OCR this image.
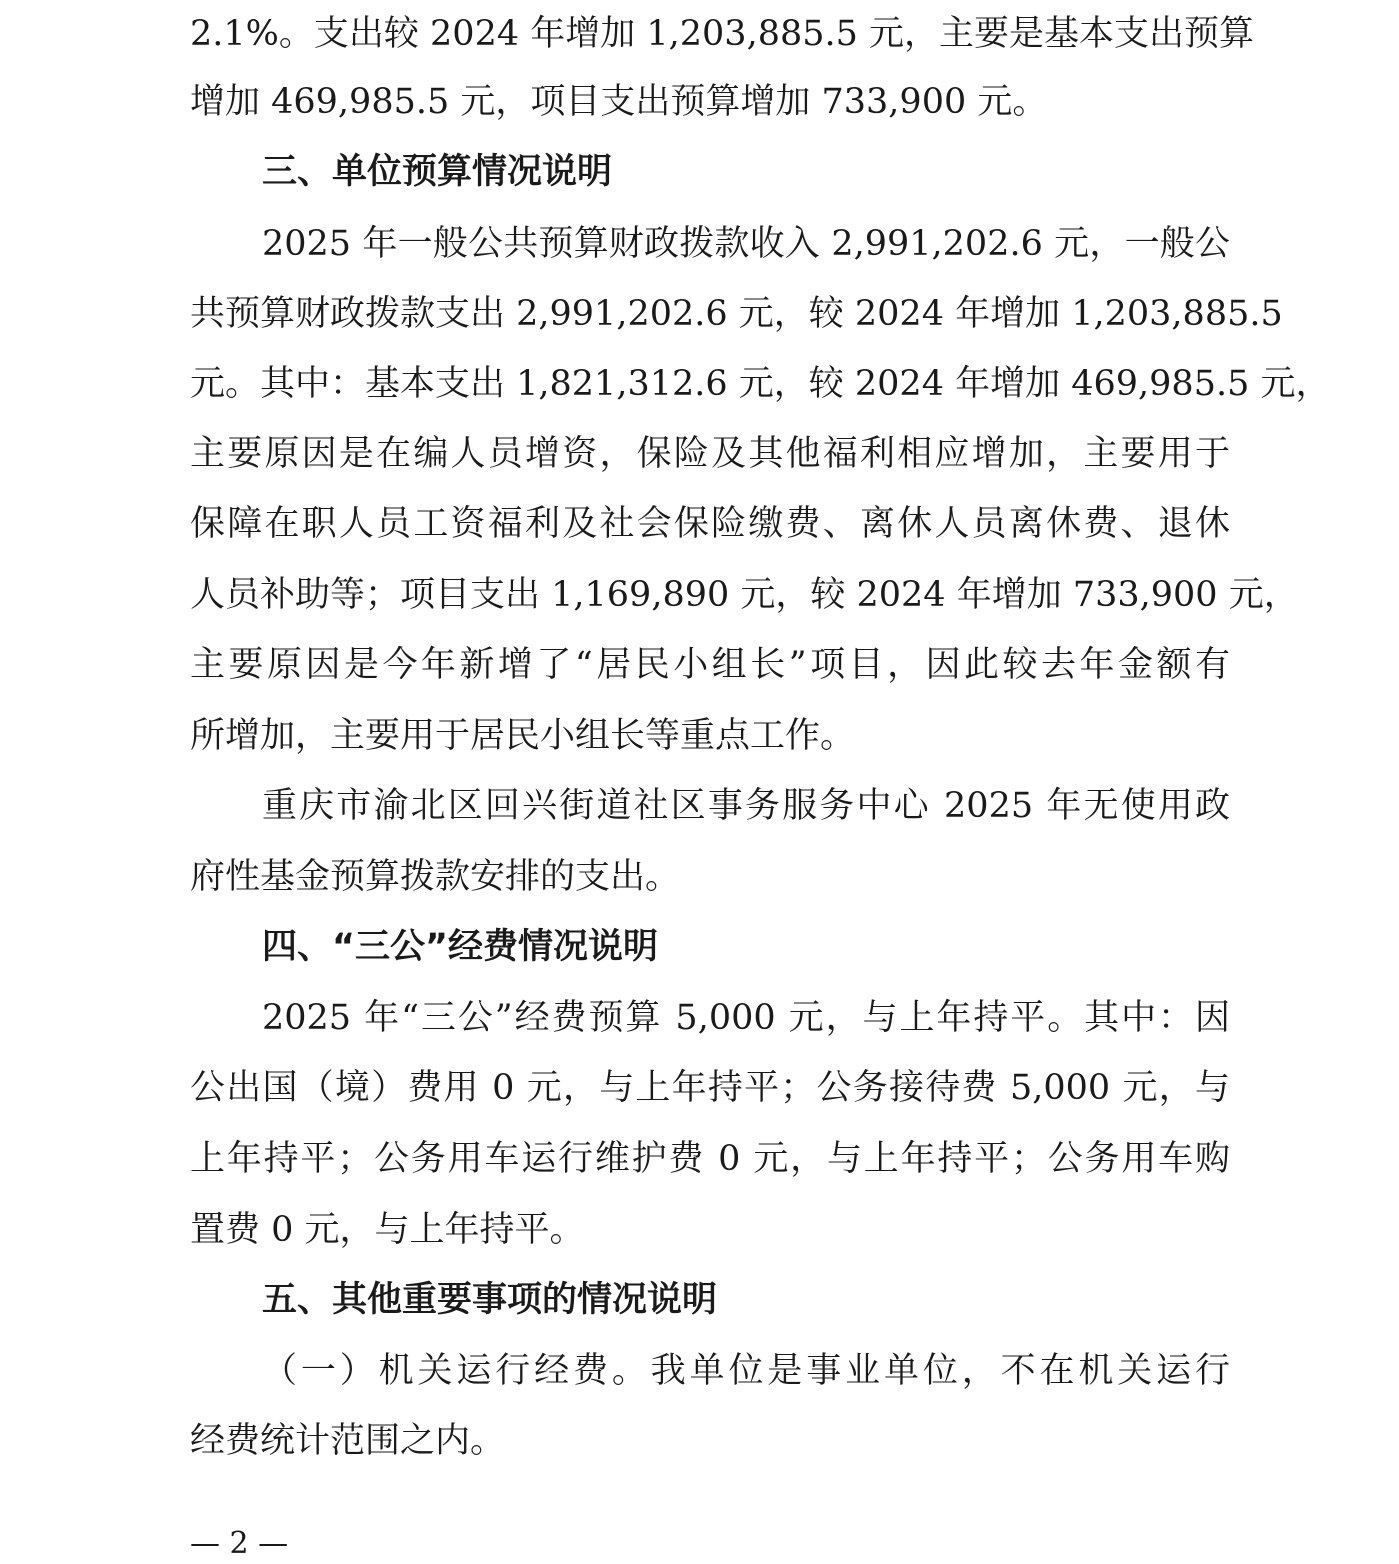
2.1%。支出较 2024 年增加 1,203,885.5 元，主要是基本支出预算
增加 469,985.5 元，项目支出预算增加 733,900 元。
三、单位预算情况说明
2025 年一般公共预算财政拨款收入 2,991,202.6 元，一般公
共预算财政拨款支出 2,991,202.6 元，较 2024 年增加 1,203,885.5
元。其中：基本支出 1,821,312.6 元，较 2024 年增加 469,985.5 元，
主要原因是在编人员增资，保险及其他福利相应增加，主要用于
保障在职人员工资福利及社会保险缴费、离休人员离休费、退休
人员补助等；项目支出 1,169,890 元，较 2024 年增加 733,900 元，
主要原因是今年新增了“居民小组长”项目，因此较去年金额有
所增加，主要用于居民小组长等重点工作。
重庆市渝北区回兴街道社区事务服务中心 2025 年无使用政
府性基金预算拨款安排的支出。
四、“三公”经费情况说明
2025 年“三公”经费预算 5,000 元，与上年持平。其中：因
公出国（境）费用 0 元，与上年持平；公务接待费 5,000 元，与
上年持平；公务用车运行维护费 0 元，与上年持平；公务用车购
置费 0 元，与上年持平。
五、其他重要事项的情况说明
（一）机关运行经费。我单位是事业单位，不在机关运行
经费统计范围之内。
— 2 —
